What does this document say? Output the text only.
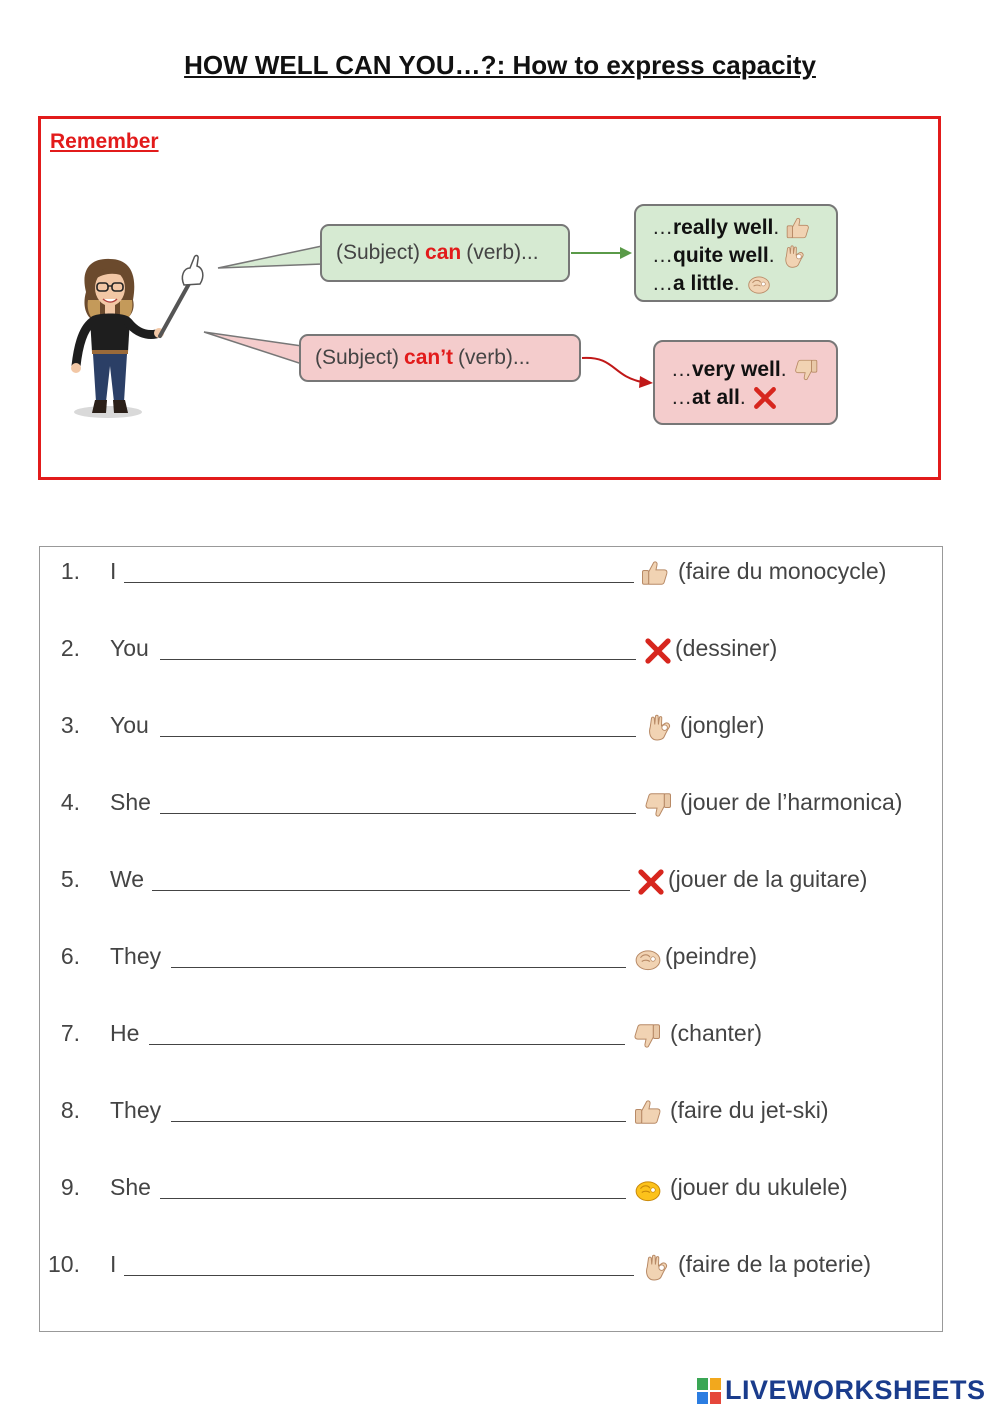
HOW WELL CAN YOU…?: How to express capacity
Remember
(Subject) can (verb)...
(Subject) can’t (verb)...
…really well.
…quite well.
…a little.
…very well.
…at all.
1. I	(faire du monocycle)
2. You	(dessiner)
3. You	(jongler)
4. She	(jouer de l’harmonica)
5. We	(jouer de la guitare)
6. They	(peindre)
7. He	(chanter)
8. They	(faire du jet-ski)
9. She	(jouer du ukulele)
10. I	(faire de la poterie)
LIVEWORKSHEETS
